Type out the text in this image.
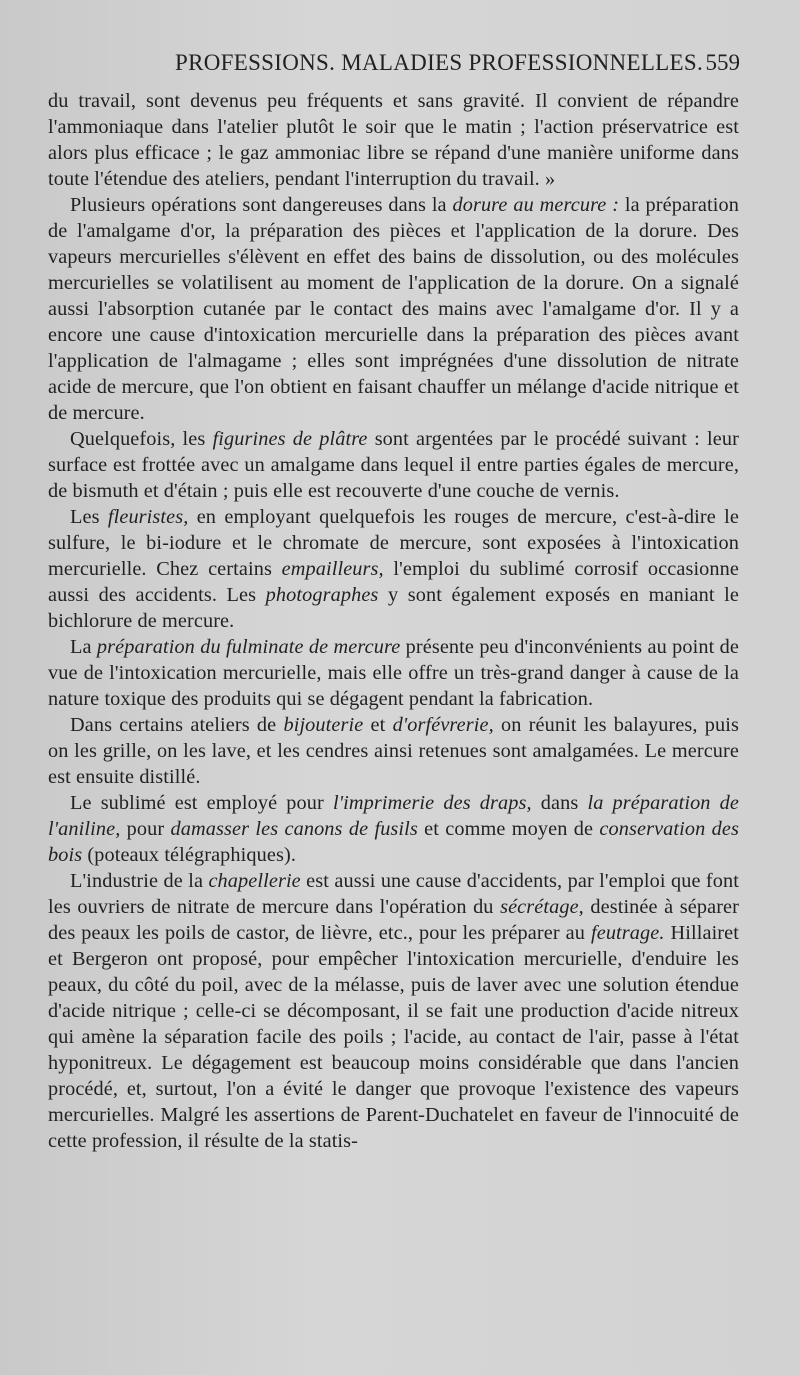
PROFESSIONS. MALADIES PROFESSIONNELLES. 559

du travail, sont devenus peu fréquents et sans gravité. Il convient de répandre l'ammoniaque dans l'atelier plutôt le soir que le matin ; l'action préservatrice est alors plus efficace ; le gaz ammoniac libre se répand d'une manière uniforme dans toute l'étendue des ateliers, pendant l'interruption du travail. »

Plusieurs opérations sont dangereuses dans la dorure au mercure : la préparation de l'amalgame d'or, la préparation des pièces et l'application de la dorure. Des vapeurs mercurielles s'élèvent en effet des bains de dissolution, ou des molécules mercurielles se volatilisent au moment de l'application de la dorure. On a signalé aussi l'absorption cutanée par le contact des mains avec l'amalgame d'or. Il y a encore une cause d'intoxication mercurielle dans la préparation des pièces avant l'application de l'almagame ; elles sont imprégnées d'une dissolution de nitrate acide de mercure, que l'on obtient en faisant chauffer un mélange d'acide nitrique et de mercure.

Quelquefois, les figurines de plâtre sont argentées par le procédé suivant : leur surface est frottée avec un amalgame dans lequel il entre parties égales de mercure, de bismuth et d'étain ; puis elle est recouverte d'une couche de vernis.

Les fleuristes, en employant quelquefois les rouges de mercure, c'est-à-dire le sulfure, le bi-iodure et le chromate de mercure, sont exposées à l'intoxication mercurielle. Chez certains empailleurs, l'emploi du sublimé corrosif occasionne aussi des accidents. Les photographes y sont également exposés en maniant le bichlorure de mercure.

La préparation du fulminate de mercure présente peu d'inconvénients au point de vue de l'intoxication mercurielle, mais elle offre un très-grand danger à cause de la nature toxique des produits qui se dégagent pendant la fabrication.

Dans certains ateliers de bijouterie et d'orfévrerie, on réunit les balayures, puis on les grille, on les lave, et les cendres ainsi retenues sont amalgamées. Le mercure est ensuite distillé.

Le sublimé est employé pour l'imprimerie des draps, dans la préparation de l'aniline, pour damasser les canons de fusils et comme moyen de conservation des bois (poteaux télégraphiques).

L'industrie de la chapellerie est aussi une cause d'accidents, par l'emploi que font les ouvriers de nitrate de mercure dans l'opération du sécrétage, destinée à séparer des peaux les poils de castor, de lièvre, etc., pour les préparer au feutrage. Hillairet et Bergeron ont proposé, pour empêcher l'intoxication mercurielle, d'enduire les peaux, du côté du poil, avec de la mélasse, puis de laver avec une solution étendue d'acide nitrique ; celle-ci se décomposant, il se fait une production d'acide nitreux qui amène la séparation facile des poils ; l'acide, au contact de l'air, passe à l'état hyponitreux. Le dégagement est beaucoup moins considérable que dans l'ancien procédé, et, surtout, l'on a évité le danger que provoque l'existence des vapeurs mercurielles. Malgré les assertions de Parent-Duchatelet en faveur de l'innocuité de cette profession, il résulte de la statis-
